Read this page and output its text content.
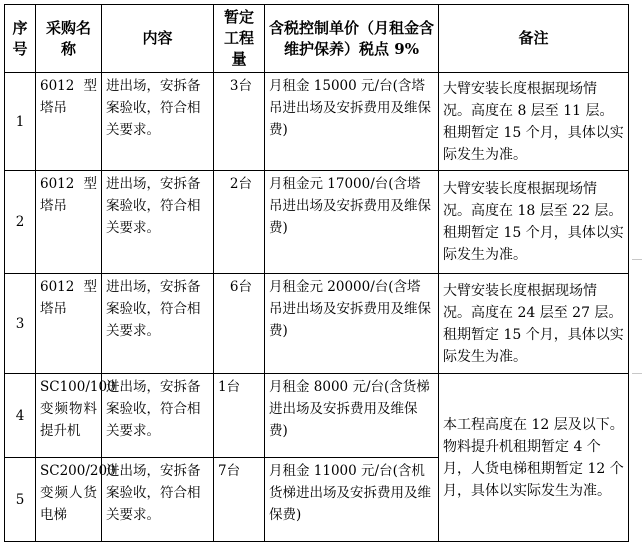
序号	采购名称	内容	暂定工程量	含税控制单价（月租金含维护保养）税点 9%	备注
1	6012 型塔吊	进出场，安拆备案验收，符合相关要求。	3台	月租金 15000 元/台(含塔吊进出场及安拆费用及维保费)	大臂安装长度根据现场情况。高度在 8 层至 11 层。租期暂定 15 个月，具体以实际发生为准。
2	6012 型塔吊	进出场，安拆备案验收，符合相关要求。	2台	月租金元 17000/台(含塔吊进出场及安拆费用及维保费)	大臂安装长度根据现场情况。高度在 18 层至 22 层。租期暂定 15 个月，具体以实际发生为准。
3	6012 型塔吊	进出场，安拆备案验收，符合相关要求。	6台	月租金元 20000/台(含塔吊进出场及安拆费用及维保费)	大臂安装长度根据现场情况。高度在 24 层至 27 层。租期暂定 15 个月，具体以实际发生为准。
4	SC100/100 变频物料提升机	进出场，安拆备案验收，符合相关要求。	1台	月租金 8000 元/台(含货梯进出场及安拆费用及维保费)	本工程高度在 12 层及以下。物料提升机租期暂定 4 个月，人货电梯租期暂定 12 个月，具体以实际发生为准。
5	SC200/200 变频人货电梯	进出场，安拆备案验收，符合相关要求。	7台	月租金 11000 元/台(含机货梯进出场及安拆费用及维保费)	
